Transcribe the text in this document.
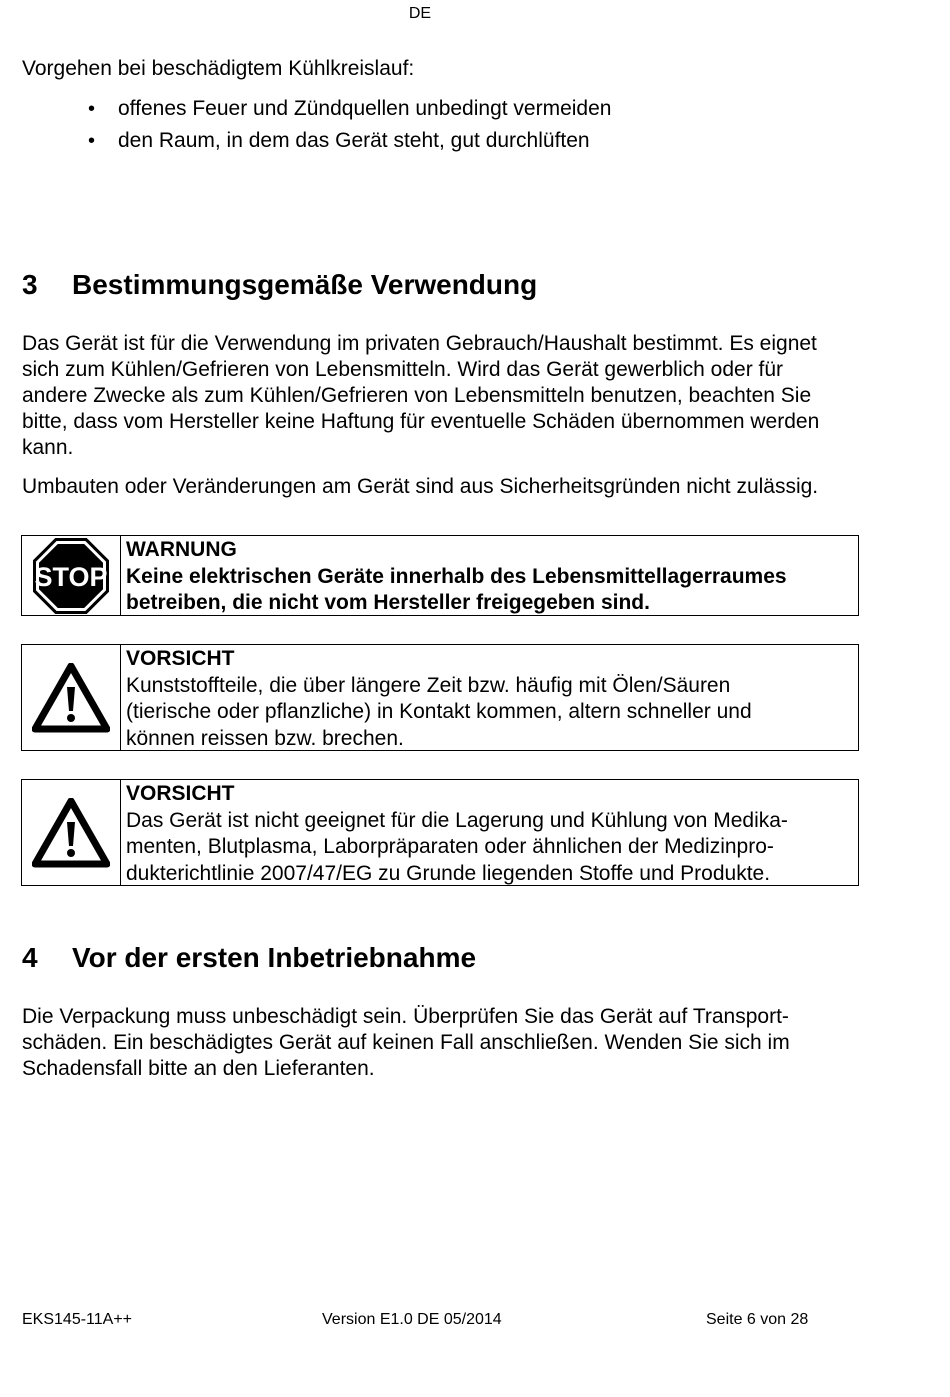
DE
Vorgehen bei beschädigtem Kühlkreislauf:
• offenes Feuer und Zündquellen unbedingt vermeiden
• den Raum, in dem das Gerät steht, gut durchlüften
3 Bestimmungsgemäße Verwendung
Das Gerät ist für die Verwendung im privaten Gebrauch/Haushalt bestimmt. Es eignet
sich zum Kühlen/Gefrieren von Lebensmitteln. Wird das Gerät gewerblich oder für
andere Zwecke als zum Kühlen/Gefrieren von Lebensmitteln benutzen, beachten Sie
bitte, dass vom Hersteller keine Haftung für eventuelle Schäden übernommen werden
kann.
Umbauten oder Veränderungen am Gerät sind aus Sicherheitsgründen nicht zulässig.
STOP
WARNUNG
Keine elektrischen Geräte innerhalb des Lebensmittellagerraumes
betreiben, die nicht vom Hersteller freigegeben sind.
VORSICHT
Kunststoffteile, die über längere Zeit bzw. häufig mit Ölen/Säuren
(tierische oder pflanzliche) in Kontakt kommen, altern schneller und
können reissen bzw. brechen.
VORSICHT
Das Gerät ist nicht geeignet für die Lagerung und Kühlung von Medika-
menten, Blutplasma, Laborpräparaten oder ähnlichen der Medizinpro-
dukterichtlinie 2007/47/EG zu Grunde liegenden Stoffe und Produkte.
4 Vor der ersten Inbetriebnahme
Die Verpackung muss unbeschädigt sein. Überprüfen Sie das Gerät auf Transport-
schäden. Ein beschädigtes Gerät auf keinen Fall anschließen. Wenden Sie sich im
Schadensfall bitte an den Lieferanten.
EKS145-11A++	Version E1.0 DE 05/2014	Seite 6 von 28
